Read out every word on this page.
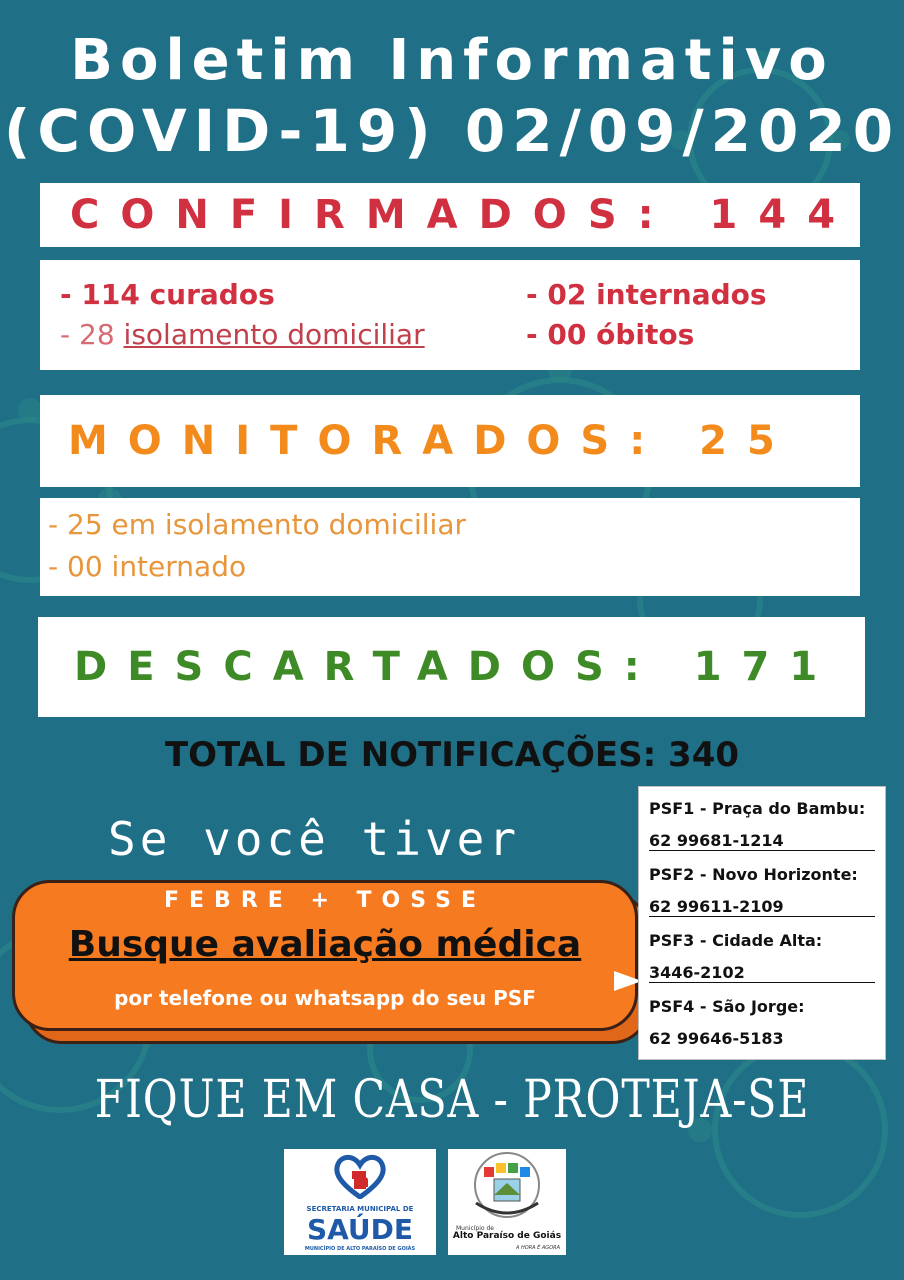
Boletim Informativo
(COVID-19) 02/09/2020
CONFIRMADOS: 144
- 114 curados
- 28 isolamento domiciliar
- 02 internados
- 00 óbitos
MONITORADOS: 25
- 25 em isolamento domiciliar
- 00 internado
DESCARTADOS: 171
TOTAL DE NOTIFICAÇÕES: 340
Se você tiver
FEBRE + TOSSE
Busque avaliação médica
por telefone ou whatsapp do seu PSF
PSF1 - Praça do Bambu:
62 99681-1214
PSF2 - Novo Horizonte:
62 99611-2109
PSF3 - Cidade Alta:
3446-2102
PSF4 - São Jorge:
62 99646-5183
FIQUE EM CASA - PROTEJA-SE
SECRETARIA MUNICIPAL DE
SAÚDE
MUNICÍPIO DE ALTO PARAÍSO DE GOIÁS
Município de
Alto Paraíso de Goiás
A HORA É AGORA
